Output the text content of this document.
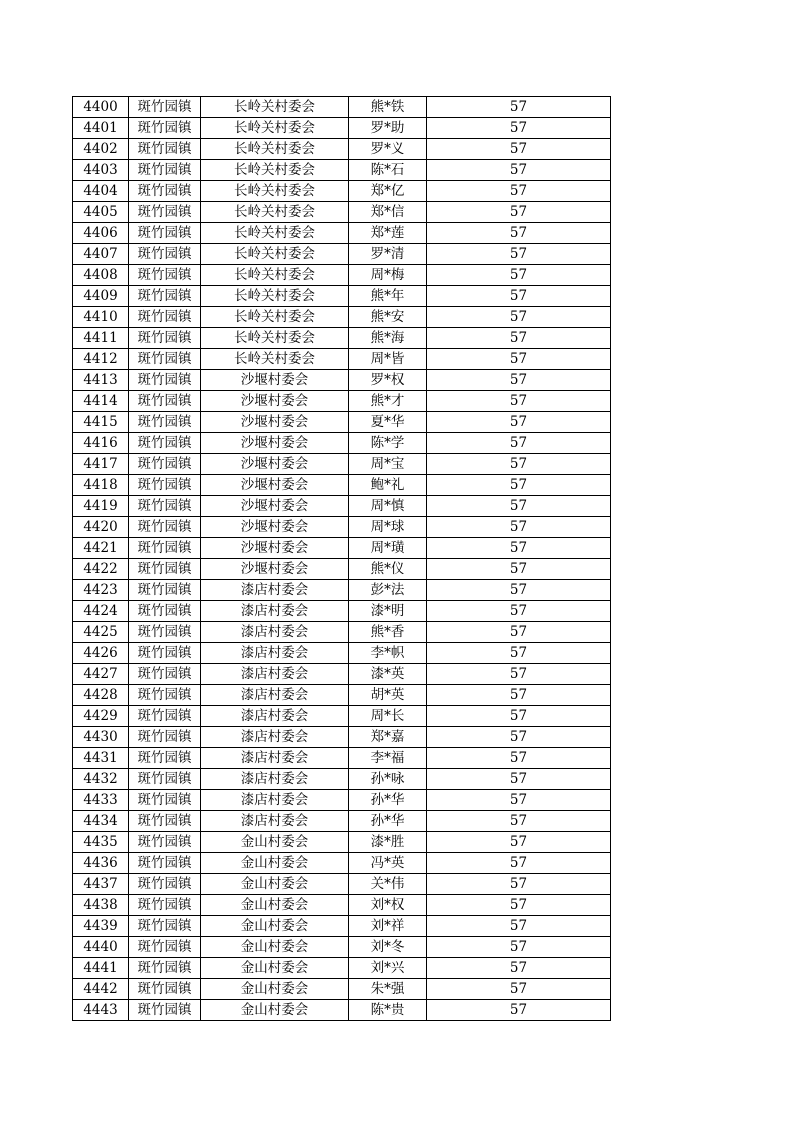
4400	斑竹园镇	长岭关村委会	熊*铁	57
4401	斑竹园镇	长岭关村委会	罗*助	57
4402	斑竹园镇	长岭关村委会	罗*义	57
4403	斑竹园镇	长岭关村委会	陈*石	57
4404	斑竹园镇	长岭关村委会	郑*亿	57
4405	斑竹园镇	长岭关村委会	郑*信	57
4406	斑竹园镇	长岭关村委会	郑*莲	57
4407	斑竹园镇	长岭关村委会	罗*清	57
4408	斑竹园镇	长岭关村委会	周*梅	57
4409	斑竹园镇	长岭关村委会	熊*年	57
4410	斑竹园镇	长岭关村委会	熊*安	57
4411	斑竹园镇	长岭关村委会	熊*海	57
4412	斑竹园镇	长岭关村委会	周*皆	57
4413	斑竹园镇	沙堰村委会	罗*权	57
4414	斑竹园镇	沙堰村委会	熊*才	57
4415	斑竹园镇	沙堰村委会	夏*华	57
4416	斑竹园镇	沙堰村委会	陈*学	57
4417	斑竹园镇	沙堰村委会	周*宝	57
4418	斑竹园镇	沙堰村委会	鲍*礼	57
4419	斑竹园镇	沙堰村委会	周*慎	57
4420	斑竹园镇	沙堰村委会	周*球	57
4421	斑竹园镇	沙堰村委会	周*璜	57
4422	斑竹园镇	沙堰村委会	熊*仪	57
4423	斑竹园镇	漆店村委会	彭*法	57
4424	斑竹园镇	漆店村委会	漆*明	57
4425	斑竹园镇	漆店村委会	熊*香	57
4426	斑竹园镇	漆店村委会	李*帜	57
4427	斑竹园镇	漆店村委会	漆*英	57
4428	斑竹园镇	漆店村委会	胡*英	57
4429	斑竹园镇	漆店村委会	周*长	57
4430	斑竹园镇	漆店村委会	郑*嘉	57
4431	斑竹园镇	漆店村委会	李*福	57
4432	斑竹园镇	漆店村委会	孙*咏	57
4433	斑竹园镇	漆店村委会	孙*华	57
4434	斑竹园镇	漆店村委会	孙*华	57
4435	斑竹园镇	金山村委会	漆*胜	57
4436	斑竹园镇	金山村委会	冯*英	57
4437	斑竹园镇	金山村委会	关*伟	57
4438	斑竹园镇	金山村委会	刘*权	57
4439	斑竹园镇	金山村委会	刘*祥	57
4440	斑竹园镇	金山村委会	刘*冬	57
4441	斑竹园镇	金山村委会	刘*兴	57
4442	斑竹园镇	金山村委会	朱*强	57
4443	斑竹园镇	金山村委会	陈*贵	57
